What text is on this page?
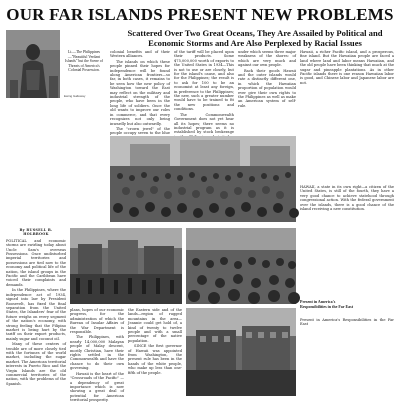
OUR FAR ISLANDS PRESENT NEW PROBLEMS
Scattered Over Two Great Oceans, They Are Assailed by Political and Economic Storms and Are Also Perplexed by Racial Issues
Lt.—The Philippines—"Beautiful Verdant Islands" but the Scene of Threats of America's Colonial Possession.
Ewing Galloway

colonial benefits and of their Western alliances.

The islands on which these people pinned their hopes for independence will be found along American frontiers—so far, in both cases, it remains to be seen how the new policy of Washington toward the East may reflect on the military and industrial strength of the people, who have been in the long life of soldiers. Once the old wants to improve our roles in commerce, and that every recognizes not only being inwardly but also outwardly.

The "crown jewel" of the people occupy seven to the blue

of the tariff will be placed upon their products. Some $75,000,000 worth of exports to the United States in 1934—This is not to use or are closely, but for the island's cause, and also for the Philippines; the result is to ask for 100 to be an economist at least any foreign, in preference to the Philippines; the new, such a greater number would have to be trained to fit the new positions and conditions.

The Commonwealth Government does not yet hear all its hopes; there seems no industrial program as it is established by stock brokerage

under which seems three major weakness of the shores: of which are very much and against our own people.

Back their goods Hawaii and the outer islands would rate a distinctly different one, in which the Hawaiian proportion of population would ever give their own rights to the Philippines as well as make an American system of self-rule.

Hawaii, a richer Pacific island, and a prosperous, fine island. But the Hawaiian people are faced a land where land and labor means Hawaiian, and the old people have been thinking that much at the sugar and pineapple plantations. As in other Pacific islands there is one reason Hawaiian labor is good, and Chinese labor and Japanese labor are not.

HAWAII, a state in its own right—a citizen of the United States, is still of the fourth, they have a very good chance to achieve statehood through congressional action. With the federal government over the islands, there is a good chance of the island receiving a new constitution.

By RUSSELL B. HOLBROOK

POLITICAL and economic storms are swirling today about Uncle Sam's overseas Possessions. Once undisturbed imperial territories and possessions are tied now to the economy and political life of the nation, the island groups in the Pacific and the Caribbean have voiced their complaints and demands.

In the Philippines, where the independence act of 1934, signed into law by President Roosevelt, has fixed the final separation from the United States, the Islanders' fear of the future weighs on every segment of the nation's economy, with strong feeling that the Filipino market is being hurt by the tariff on their export products, mainly sugar and coconut oil.

Many of these centers of trouble are of more closely tied with the fortunes of the world market, including the sugar market. The American territorial interests in Puerto Rico and the Virgin Islands are the old commercial territories of the nation, with the problems of the Spanish.

Present in America's Responsibilities in the Far East

plans, hopes of our economic progress, for the administration of which the Bureau of Insular Affairs of the War Department is responsible.

The Philippines, with nearly 14,000,000 Malayan people of Malay descent, mostly Christian, have their rights settled in the Commonwealth and have the chance to do their own governing.

Hawaii is the heart of the "Crossroads of the Pacific" — a dependency of great importance which is now showing a great deal of potential for American territorial prosperity.

the Eastern side and of the lands—region of rugged mountains in the area—Jeannie could get hold of, a kind of twenty to twelve people and with a small percentage of the native population.

SINCE the first governor of Hawaii was appointed from Washington, the present rule has been in the hands of the white people, who make up less than one-fifth of the people.

Present in America's Responsibilities in the Far East
